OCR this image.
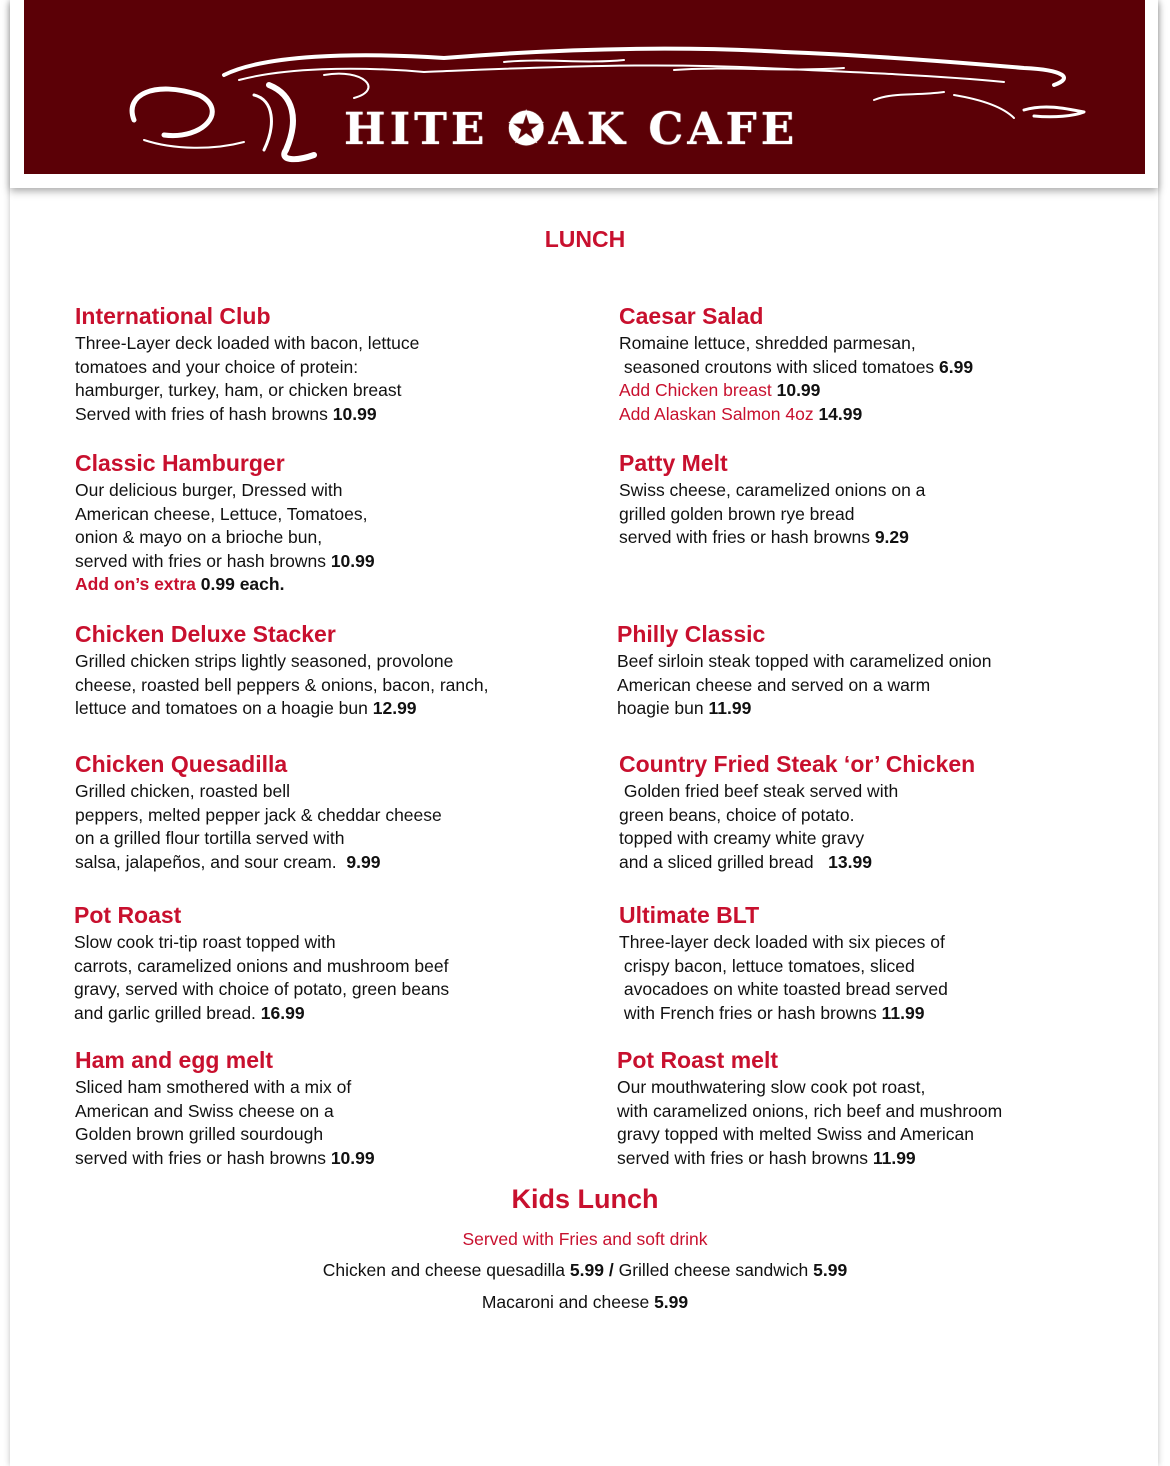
HITE ✪AK CAFE
LUNCH
International Club
Three-Layer deck loaded with bacon, lettuce
tomatoes and your choice of protein:
hamburger, turkey, ham, or chicken breast
Served with fries of hash browns 10.99
Caesar Salad
Romaine lettuce, shredded parmesan,
seasoned croutons with sliced tomatoes 6.99
Add Chicken breast 10.99
Add Alaskan Salmon 4oz 14.99
Classic Hamburger
Our delicious burger, Dressed with
American cheese, Lettuce, Tomatoes,
onion & mayo on a brioche bun,
served with fries or hash browns 10.99
Add on’s extra 0.99 each.
Patty Melt
Swiss cheese, caramelized onions on a
grilled golden brown rye bread
served with fries or hash browns 9.29
Chicken Deluxe Stacker
Grilled chicken strips lightly seasoned, provolone
cheese, roasted bell peppers & onions, bacon, ranch,
lettuce and tomatoes on a hoagie bun 12.99
Philly Classic
Beef sirloin steak topped with caramelized onion
American cheese and served on a warm
hoagie bun 11.99
Chicken Quesadilla
Grilled chicken, roasted bell
peppers, melted pepper jack & cheddar cheese
on a grilled flour tortilla served with
salsa, jalapeños, and sour cream.  9.99
Country Fried Steak ‘or’ Chicken
Golden fried beef steak served with
green beans, choice of potato.
topped with creamy white gravy
and a sliced grilled bread   13.99
Pot Roast
Slow cook tri-tip roast topped with
carrots, caramelized onions and mushroom beef
gravy, served with choice of potato, green beans
and garlic grilled bread. 16.99
Ultimate BLT
Three-layer deck loaded with six pieces of
crispy bacon, lettuce tomatoes, sliced
avocadoes on white toasted bread served
with French fries or hash browns 11.99
Ham and egg melt
Sliced ham smothered with a mix of
American and Swiss cheese on a
Golden brown grilled sourdough
served with fries or hash browns 10.99
Pot Roast melt
Our mouthwatering slow cook pot roast,
with caramelized onions, rich beef and mushroom
gravy topped with melted Swiss and American
served with fries or hash browns 11.99
Kids Lunch
Served with Fries and soft drink
Chicken and cheese quesadilla 5.99 / Grilled cheese sandwich 5.99
Macaroni and cheese 5.99
